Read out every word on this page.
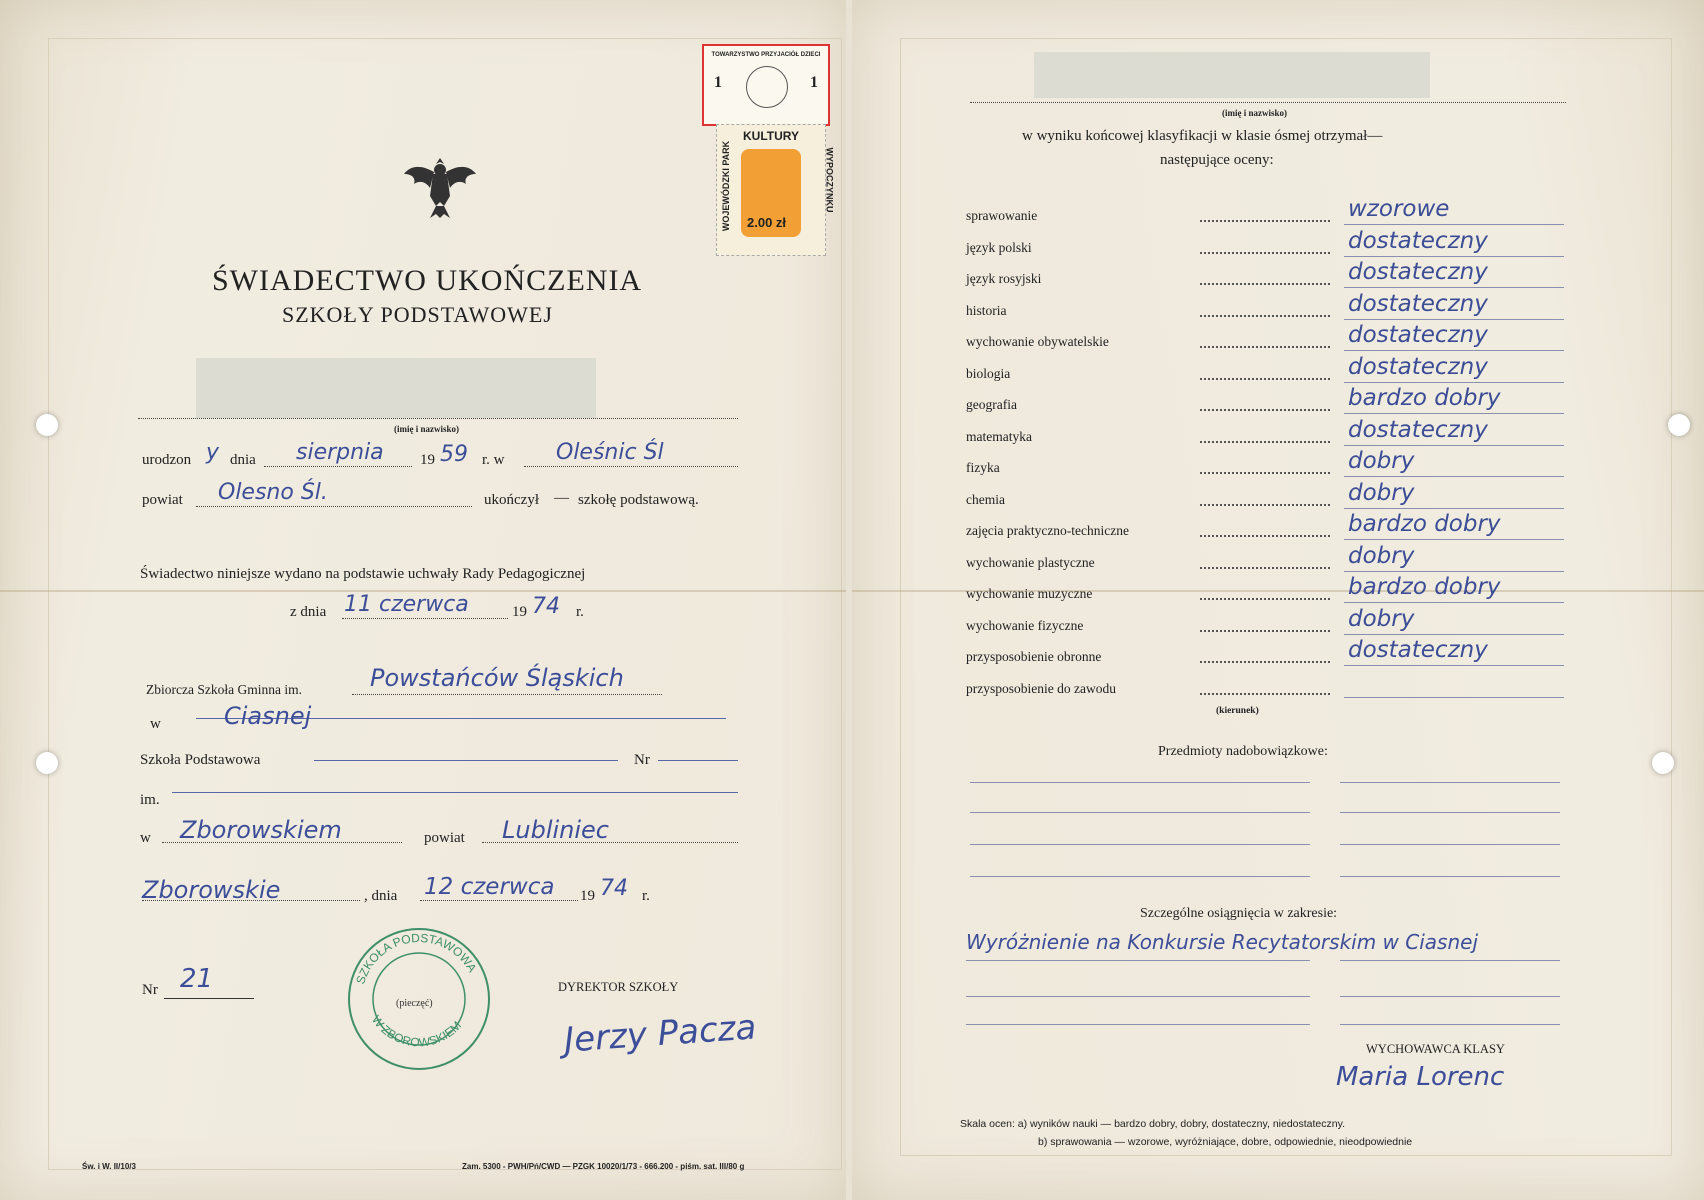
ŚWIADECTWO UKOŃCZENIA
SZKOŁY PODSTAWOWEJ
TOWARZYSTWO PRZYJACIÓŁ DZIECI
1	1
KULTURY
2.00 zł
WOJEWÓDZKI PARK	WYPOCZYNKU
(imię i nazwisko)
urodzon y dnia sierpnia 19 59 r. w Oleśnic Śl
powiat Olesno Śl.	ukończył — szkołę podstawową.
Świadectwo niniejsze wydano na podstawie uchwały Rady Pedagogicznej
z dnia 11 czerwca	19 74 r.
Zbiorcza Szkoła Gminna im.	Powstańców Śląskich
w	Ciasnej
Szkoła Podstawowa	Nr
im.
w Zborowskiem	powiat Lubliniec
Zborowskie	, dnia 12 czerwca 19 74 r.
SZKOŁA PODSTAWOWA
W ZBOROWSKIEM
(pieczęć)
Nr 21	DYREKTOR SZKOŁY
Jerzy Pacza
Św. i W. II/10/3	Zam. 5300 - PWH/Pń/CWD — PZGK 10020/1/73 - 666.200 - piśm. sat. III/80 g
(imię i nazwisko)
w wyniku końcowej klasyfikacji w klasie ósmej otrzymał—
następujące oceny:
sprawowanie	wzorowe
język polski	dostateczny
język rosyjski	dostateczny
historia	dostateczny
wychowanie obywatelskie	dostateczny
biologia	dostateczny
geografia	bardzo dobry
matematyka	dostateczny
fizyka	dobry
chemia	dobry
zajęcia praktyczno-techniczne	bardzo dobry
wychowanie plastyczne	dobry
wychowanie muzyczne	bardzo dobry
wychowanie fizyczne	dobry
przysposobienie obronne	dostateczny
przysposobienie do zawodu
(kierunek)
Przedmioty nadobowiązkowe:
Szczególne osiągnięcia w zakresie:
Wyróżnienie na Konkursie Recytatorskim w Ciasnej
WYCHOWAWCA KLASY
Maria Lorenc
Skala ocen: a) wyników nauki — bardzo dobry, dobry, dostateczny, niedostateczny.
b) sprawowania — wzorowe, wyróżniające, dobre, odpowiednie, nieodpowiednie
